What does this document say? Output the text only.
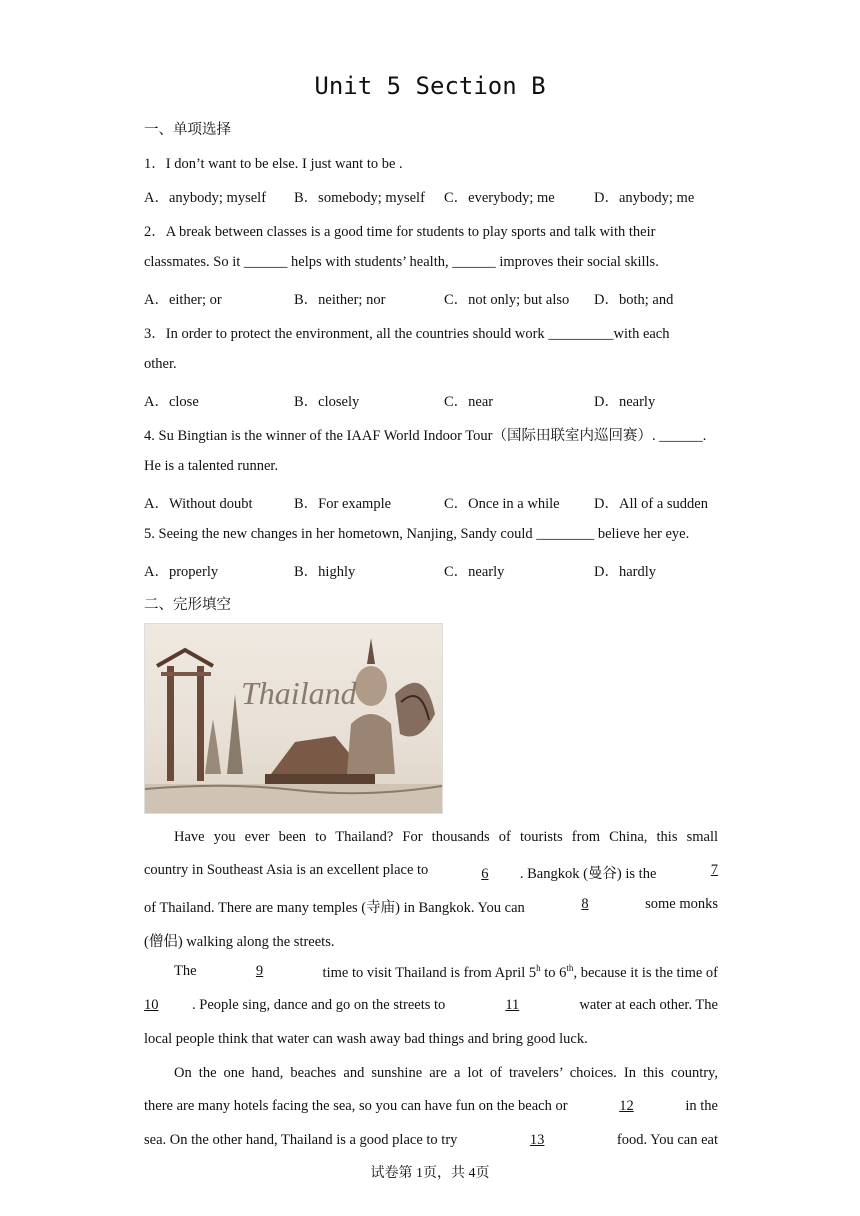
Unit 5 Section B
一、单项选择
1．I don’t want to be else. I just want to be .
A．anybody; myself B．somebody; myself C．everybody; me	D．anybody; me
2．A break between classes is a good time for students to play sports and talk with their
classmates. So it ______ helps with students’ health, ______ improves their social skills.
A．either; or	B．neither; nor	C．not only; but also D．both; and
3．In order to protect the environment, all the countries should work _________with each
other.
A．close	B．closely	C．near	D．nearly
4. Su Bingtian is the winner of the IAAF World Indoor Tour（国际田联室内巡回赛）. ______.
He is a talented runner.
A．Without doubt	B．For example	C．Once in a while D．All of a sudden
5. Seeing the new changes in her hometown, Nanjing, Sandy could ________ believe her eye.
A．properly	B．highly	C．nearly	D．hardly
二、完形填空
Thailand
Have you ever been to Thailand? For thousands of tourists from China, this small
country in Southeast Asia is an excellent place to	6 . Bangkok (曼谷) is the	7
of Thailand. There are many temples (寺庙) in Bangkok. You can	8	some monks
(僧侣) walking along the streets.
The	9	time to visit Thailand is from April 5$^h$ to 6th, because it is the time of
10 . People sing, dance and go on the streets to	11	water at each other. The
local people think that water can wash away bad things and bring good luck.
On the one hand, beaches and sunshine are a lot of travelers’ choices. In this country,
there are many hotels facing the sea, so you can have fun on the beach or	12	in the
sea. On the other hand, Thailand is a good place to try	13	food. You can eat
试卷第 1页，共 4页
